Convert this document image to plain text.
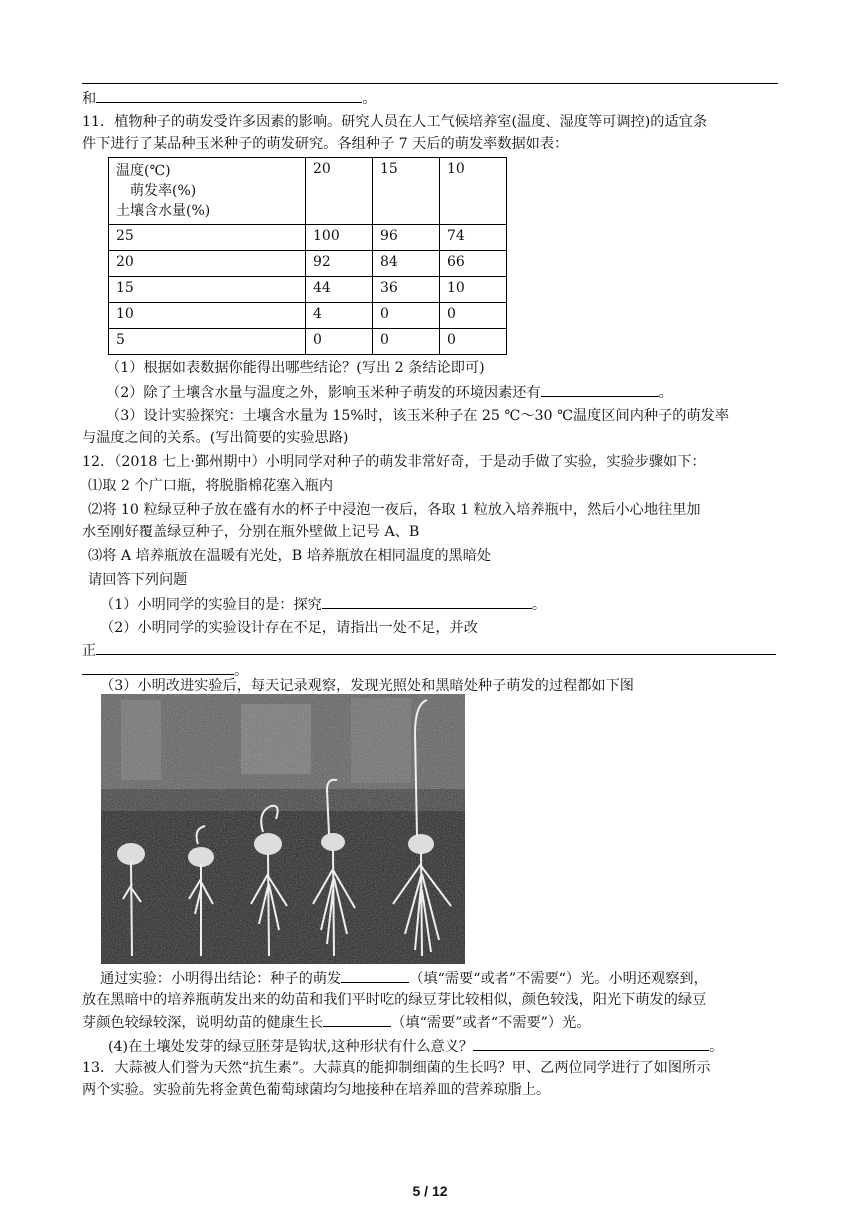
和	。
11．植物种子的萌发受许多因素的影响。研究人员在人工气候培养室(温度、湿度等可调控)的适宜条
件下进行了某品种玉米种子的萌发研究。各组种子 7 天后的萌发率数据如表：
温度(℃)
萌发率(%)
土壤含水量(%)	20	15	10
25	100	96	74
20	92	84	66
15	44	36	10
10	4	0	0
5	0	0	0
（1）根据如表数据你能得出哪些结论？(写出 2 条结论即可)
（2）除了土壤含水量与温度之外，影响玉米种子萌发的环境因素还有	。
（3）设计实验探究：土壤含水量为 15%时，该玉米种子在 25 ℃～30 ℃温度区间内种子的萌发率
与温度之间的关系。(写出简要的实验思路)
12．（2018 七上·鄞州期中）小明同学对种子的萌发非常好奇，于是动手做了实验，实验步骤如下：
⑴取 2 个广口瓶，将脱脂棉花塞入瓶内
⑵将 10 粒绿豆种子放在盛有水的杯子中浸泡一夜后，各取 1 粒放入培养瓶中，然后小心地往里加
水至刚好覆盖绿豆种子，分别在瓶外壁做上记号 A、B
⑶将 A 培养瓶放在温暖有光处，B 培养瓶放在相同温度的黑暗处
请回答下列问题
（1）小明同学的实验目的是：探究	。
（2）小明同学的实验设计存在不足，请指出一处不足，并改
正
。
（3）小明改进实验后，每天记录观察，发现光照处和黑暗处种子萌发的过程都如下图
通过实验：小明得出结论：种子的萌发	（填“需要“或者”不需要“）光。小明还观察到，
放在黑暗中的培养瓶萌发出来的幼苗和我们平时吃的绿豆芽比较相似，颜色较浅，阳光下萌发的绿豆
芽颜色较绿较深，说明幼苗的健康生长	（填“需要”或者“不需要”）光。
(4)在土壤处发芽的绿豆胚芽是钩状,这种形状有什么意义？	。
13．大蒜被人们誉为天然“抗生素”。大蒜真的能抑制细菌的生长吗？甲、乙两位同学进行了如图所示
两个实验。实验前先将金黄色葡萄球菌均匀地接种在培养皿的营养琼脂上。
5 / 12
